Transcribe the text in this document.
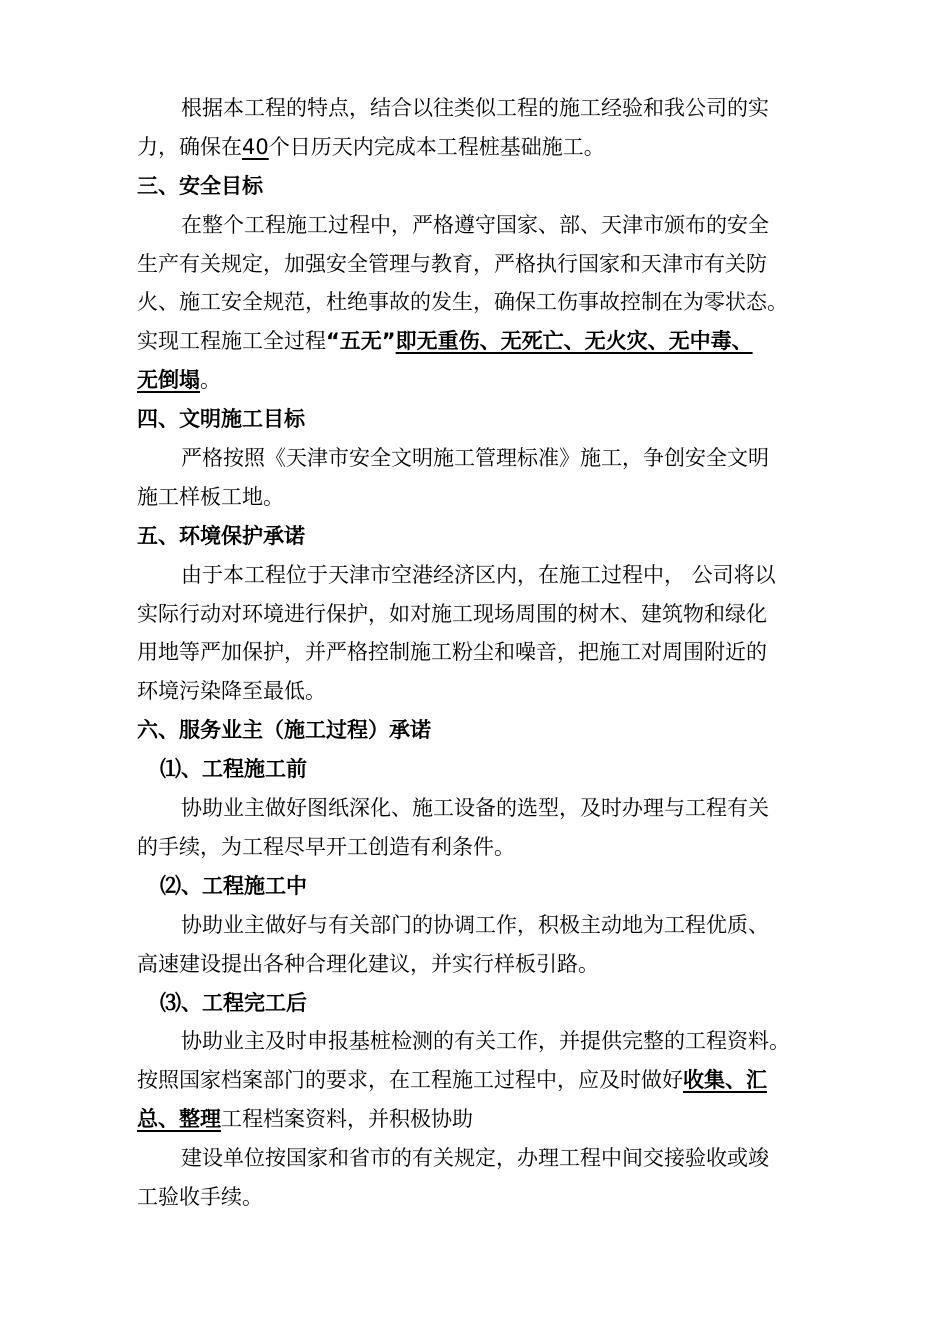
根据本工程的特点，结合以往类似工程的施工经验和我公司的实
力，确保在40个日历天内完成本工程桩基础施工。
三、安全目标
在整个工程施工过程中，严格遵守国家、部、天津市颁布的安全
生产有关规定，加强安全管理与教育，严格执行国家和天津市有关防
火、施工安全规范，杜绝事故的发生，确保工伤事故控制在为零状态。
实现工程施工全过程“五无”即无重伤、无死亡、无火灾、无中毒、
无倒塌。
四、文明施工目标
严格按照《天津市安全文明施工管理标准》施工，争创安全文明
施工样板工地。
五、环境保护承诺
由于本工程位于天津市空港经济区内，在施工过程中， 公司将以
实际行动对环境进行保护，如对施工现场周围的树木、建筑物和绿化
用地等严加保护，并严格控制施工粉尘和噪音，把施工对周围附近的
环境污染降至最低。
六、服务业主（施工过程）承诺
⑴、工程施工前
协助业主做好图纸深化、施工设备的选型，及时办理与工程有关
的手续，为工程尽早开工创造有利条件。
⑵、工程施工中
协助业主做好与有关部门的协调工作，积极主动地为工程优质、
高速建设提出各种合理化建议，并实行样板引路。
⑶、工程完工后
协助业主及时申报基桩检测的有关工作，并提供完整的工程资料。
按照国家档案部门的要求，在工程施工过程中，应及时做好收集、汇
总、整理工程档案资料，并积极协助
建设单位按国家和省市的有关规定，办理工程中间交接验收或竣
工验收手续。
